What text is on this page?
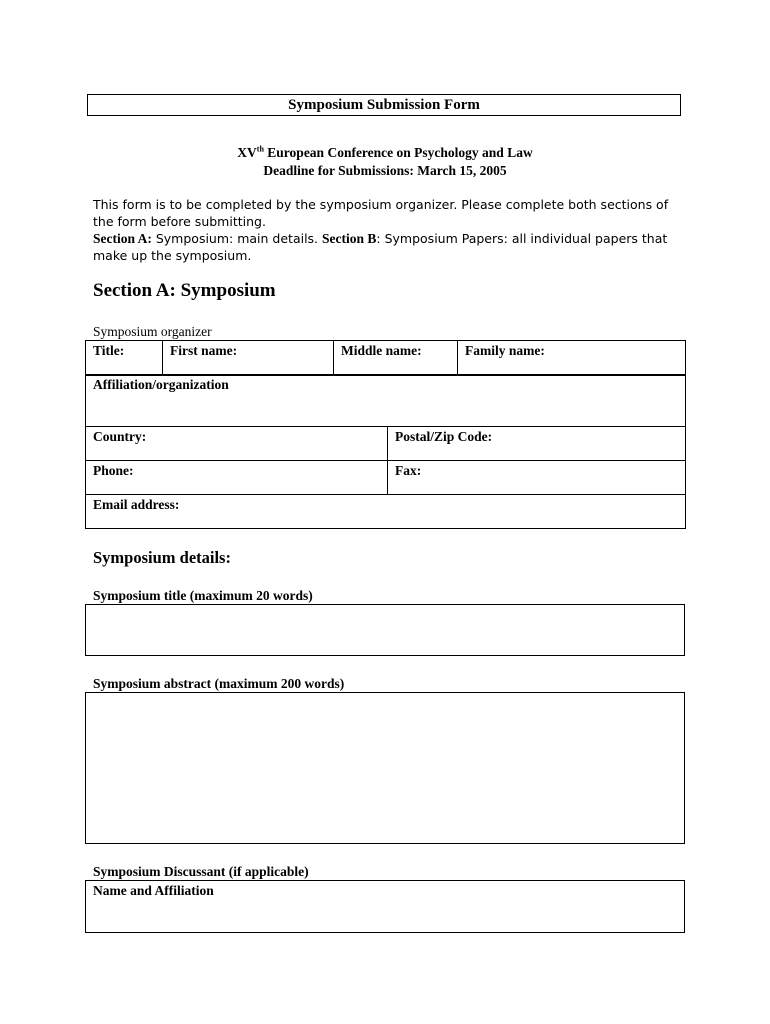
Symposium Submission Form
XVth European Conference on Psychology and Law
Deadline for Submissions: March 15, 2005
This form is to be completed by the symposium organizer. Please complete both sections of the form before submitting.
Section A: Symposium: main details. Section B: Symposium Papers: all individual papers that make up the symposium.
Section A: Symposium
Symposium organizer
Title:	First name:	Middle name:	Family name:
Affiliation/organization	
Country:	Postal/Zip Code:
Phone:	Fax:
Email address:	
Symposium details:
Symposium title (maximum 20 words)
Symposium abstract (maximum 200 words)
Symposium Discussant (if applicable)
Name and Affiliation
